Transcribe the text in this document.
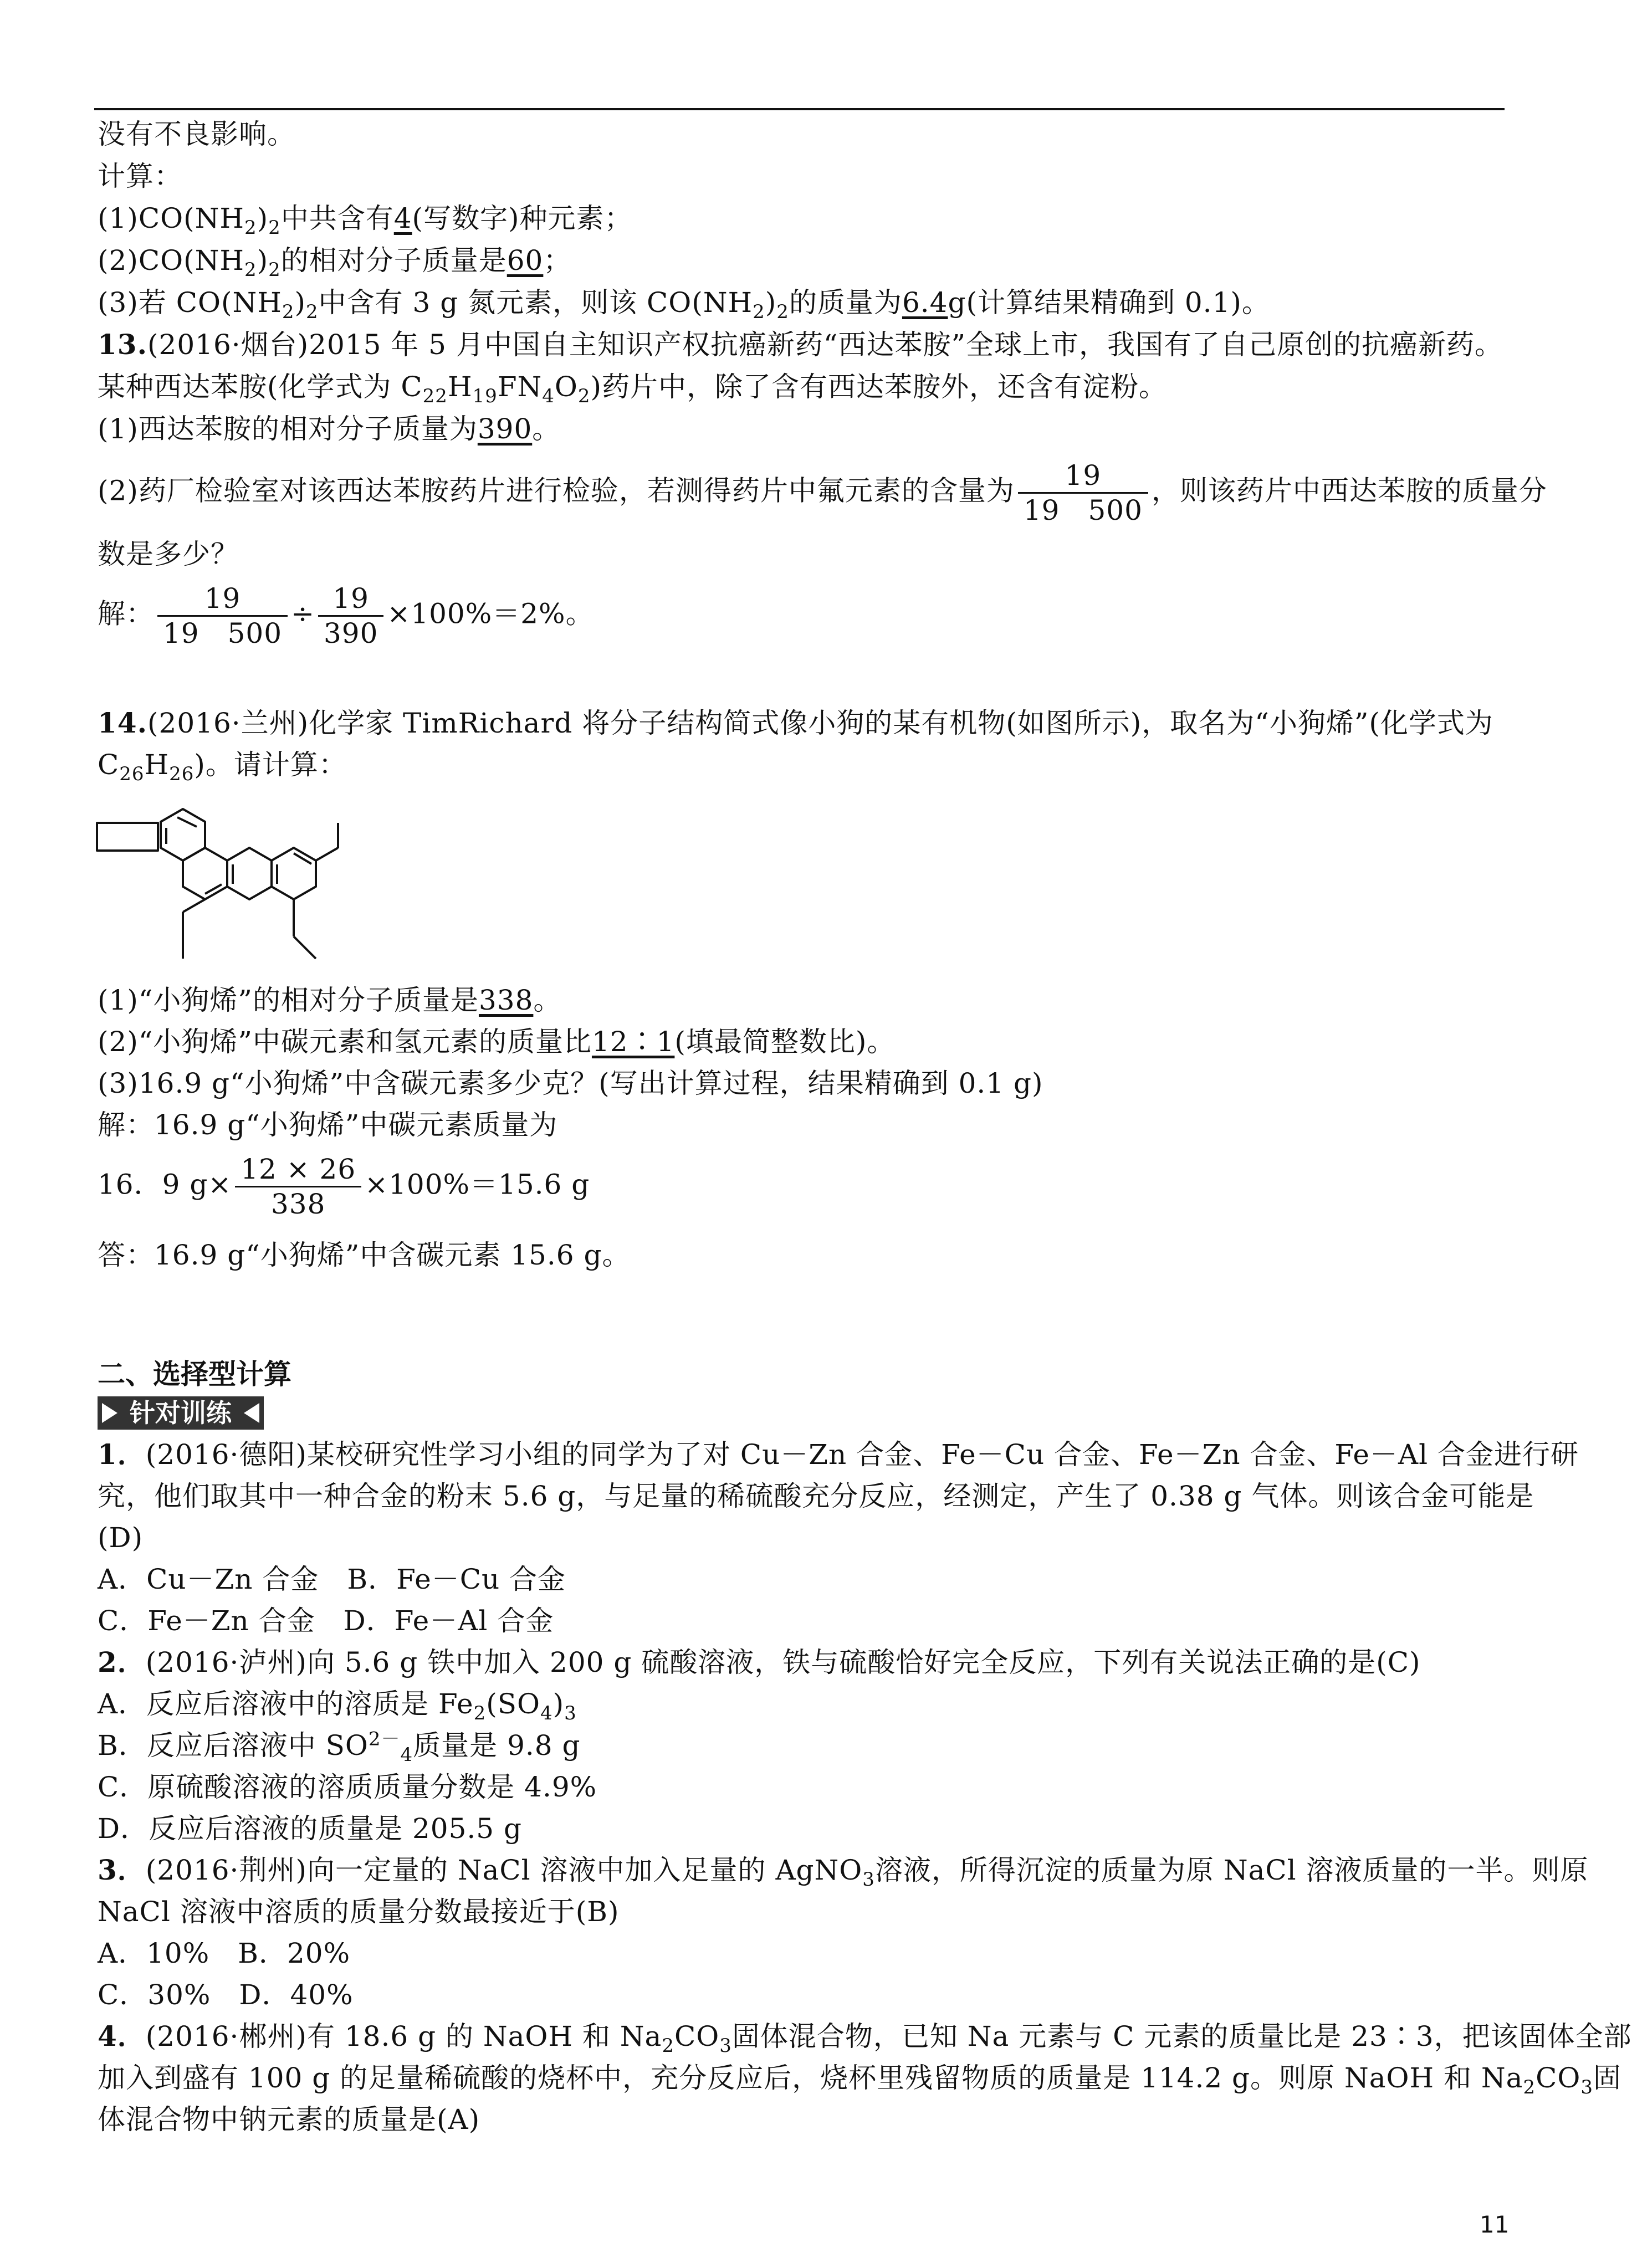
没有不良影响。
计算：
$(1)CO(NH_2)_2$中共含有4(写数字)种元素；
$(2)CO(NH_2)_2$的相对分子质量是60；
(3)若 $CO(NH_2)_2$中含有 3 g 氮元素，则该 $CO(NH_2)_2$的质量为6.4g(计算结果精确到 0.1)。
13.(2016·烟台)2015 年 5 月中国自主知识产权抗癌新药“西达苯胺”全球上市，我国有了自己原创的抗癌新药。
某种西达苯胺(化学式为 $C_{22}H_{19}FN_4O_2$)药片中，除了含有西达苯胺外，还含有淀粉。
(1)西达苯胺的相对分子质量为390。
(2)药厂检验室对该西达苯胺药片进行检验，若测得药片中氟元素的含量为 $\frac{19}{19 500}$ ，则该药片中西达苯胺的质量分
数是多少？
解： $\frac{19}{19 500} \div \frac{19}{390} \times 100\%=2\%$。
14.(2016·兰州)化学家 TimRichard 将分子结构简式像小狗的某有机物(如图所示)，取名为“小狗烯”(化学式为
$C_{26}H_{26}$)。请计算：
(1)“小狗烯”的相对分子质量是338。
(2)“小狗烯”中碳元素和氢元素的质量比12∶1(填最简整数比)。
(3)16.9 g“小狗烯”中含碳元素多少克？(写出计算过程，结果精确到 0.1 g)
解：16.9 g“小狗烯”中碳元素质量为
16．9 $g\times \frac{12 \times 26}{338} \times 100\%=15.6$ g
答：16.9 g“小狗烯”中含碳元素 15.6 g。
二、选择型计算
针对训练
1．(2016·德阳)某校研究性学习小组的同学为了对 Cu－Zn 合金、Fe－Cu 合金、Fe－Zn 合金、Fe－Al 合金进行研
究，他们取其中一种合金的粉末 5.6 g，与足量的稀硫酸充分反应，经测定，产生了 0.38 g 气体。则该合金可能是
(D)
A．Cu－Zn 合金　B．Fe－Cu 合金
C．Fe－Zn 合金　D．Fe－Al 合金
2．(2016·泸州)向 5.6 g 铁中加入 200 g 硫酸溶液，铁与硫酸恰好完全反应，下列有关说法正确的是(C)
A．反应后溶液中的溶质是 $Fe_2(SO_4)_3$
B．反应后溶液中 $SO^{2-}_4$质量是 9.8 g
C．原硫酸溶液的溶质质量分数是 4.9%
D．反应后溶液的质量是 205.5 g
3．(2016·荆州)向一定量的 NaCl 溶液中加入足量的 AgNO$_3$溶液，所得沉淀的质量为原 NaCl 溶液质量的一半。则原
NaCl 溶液中溶质的质量分数最接近于(B)
A．10%　B．20%
C．30%　D．40%
4．(2016·郴州)有 18.6 g 的 NaOH 和 $Na_2CO_3$固体混合物，已知 Na 元素与 C 元素的质量比是 23∶3，把该固体全部
加入到盛有 100 g 的足量稀硫酸的烧杯中，充分反应后，烧杯里残留物质的质量是 114.2 g。则原 NaOH 和 $Na_2CO_3$固
体混合物中钠元素的质量是(A)
11
